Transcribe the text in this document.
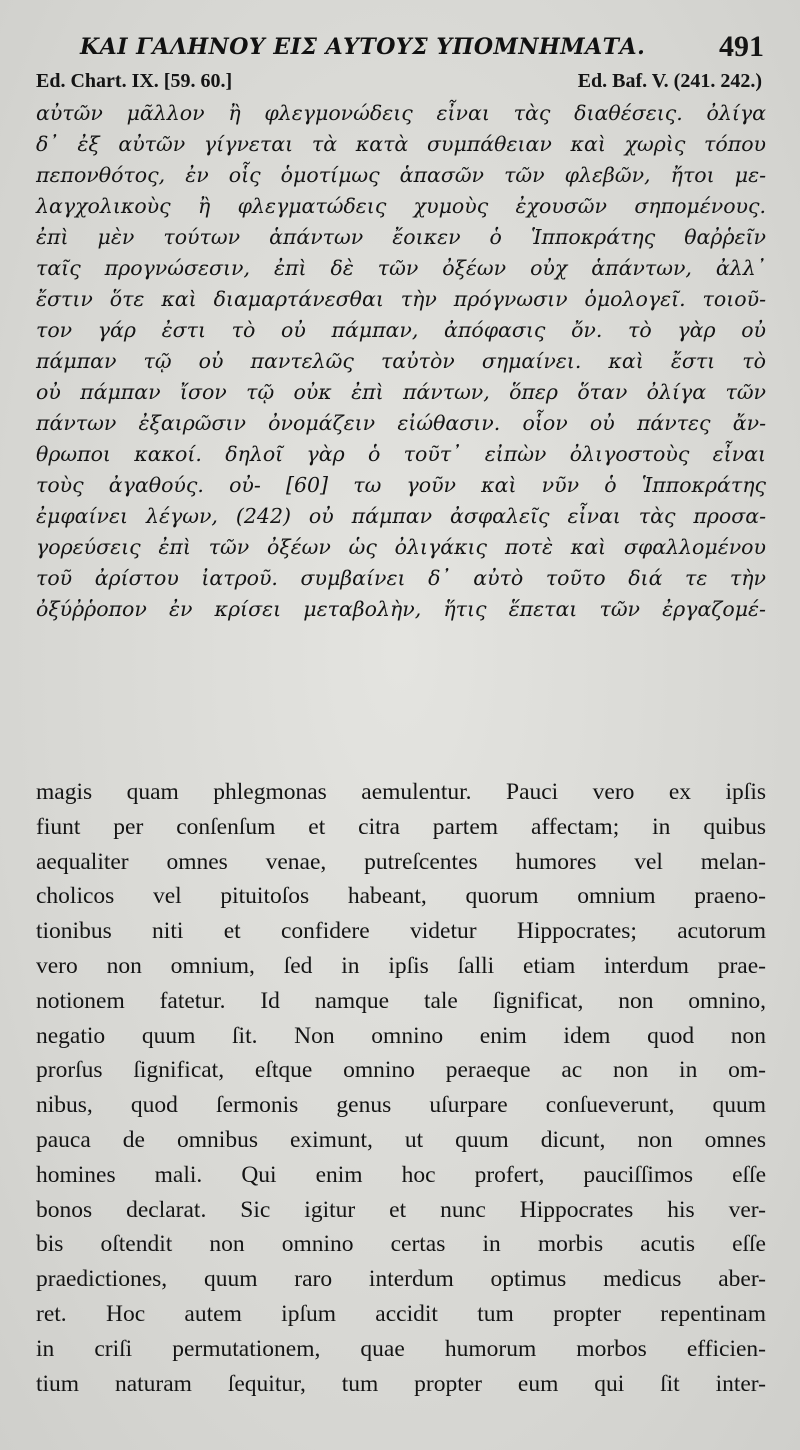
ΚΑΙ ΓΑΛΗΝΟΥ ΕΙΣ ΑΥΤΟΥΣ ΥΠΟΜΝΗΜΑΤΑ. 491
Ed. Chart. IX. [59. 60.]	Ed. Baf. V. (241. 242.)
αὐτῶν μᾶλλον ἢ φλεγμονώδεις εἶναι τὰς διαθέσεις. ὀλίγα
δ᾽ ἐξ αὐτῶν γίγνεται τὰ κατὰ συμπάθειαν καὶ χωρὶς τόπου
πεπονθότος, ἐν οἷς ὁμοτίμως ἁπασῶν τῶν φλεβῶν, ἤτοι με-
λαγχολικοὺς ἢ φλεγματώδεις χυμοὺς ἐχουσῶν σηπομένους.
ἐπὶ μὲν τούτων ἁπάντων ἔοικεν ὁ Ἱπποκράτης θαῤῥεῖν
ταῖς προγνώσεσιν, ἐπὶ δὲ τῶν ὀξέων οὐχ ἁπάντων, ἀλλ᾽
ἔστιν ὅτε καὶ διαμαρτάνεσθαι τὴν πρόγνωσιν ὁμολογεῖ. τοιοῦ-
τον γάρ ἐστι τὸ οὐ πάμπαν, ἀπόφασις ὄν. τὸ γὰρ οὐ
πάμπαν τῷ οὐ παντελῶς ταὐτὸν σημαίνει. καὶ ἔστι τὸ
οὐ πάμπαν ἴσον τῷ οὐκ ἐπὶ πάντων, ὅπερ ὅταν ὀλίγα τῶν
πάντων ἐξαιρῶσιν ὀνομάζειν εἰώθασιν. οἷον οὐ πάντες ἄν-
θρωποι κακοί. δηλοῖ γὰρ ὁ τοῦτ᾽ εἰπὼν ὀλιγοστοὺς εἶναι
τοὺς ἀγαθούς. οὐ- [60] τω γοῦν καὶ νῦν ὁ Ἱπποκράτης
ἐμφαίνει λέγων, (242) οὐ πάμπαν ἀσφαλεῖς εἶναι τὰς προσα-
γορεύσεις ἐπὶ τῶν ὀξέων ὡς ὀλιγάκις ποτὲ καὶ σφαλλομένου
τοῦ ἀρίστου ἰατροῦ. συμβαίνει δ᾽ αὐτὸ τοῦτο διά τε τὴν
ὀξύῤῥοπον ἐν κρίσει μεταβολὴν, ἥτις ἕπεται τῶν ἐργαζομέ-
magis quam phlegmonas aemulentur. Pauci vero ex ipſis
fiunt per conſenſum et citra partem affectam; in quibus
aequaliter omnes venae, putreſcentes humores vel melan-
cholicos vel pituitoſos habeant, quorum omnium praeno-
tionibus niti et confidere videtur Hippocrates; acutorum
vero non omnium, ſed in ipſis ſalli etiam interdum prae-
notionem fatetur. Id namque tale ſignificat, non omnino,
negatio quum ſit. Non omnino enim idem quod non
prorſus ſignificat, eſtque omnino peraeque ac non in om-
nibus, quod ſermonis genus uſurpare conſueverunt, quum
pauca de omnibus eximunt, ut quum dicunt, non omnes
homines mali. Qui enim hoc profert, pauciſſimos eſſe
bonos declarat. Sic igitur et nunc Hippocrates his ver-
bis oſtendit non omnino certas in morbis acutis eſſe
praedictiones, quum raro interdum optimus medicus aber-
ret. Hoc autem ipſum accidit tum propter repentinam
in criſi permutationem, quae humorum morbos efficien-
tium naturam ſequitur, tum propter eum qui ſit inter-
